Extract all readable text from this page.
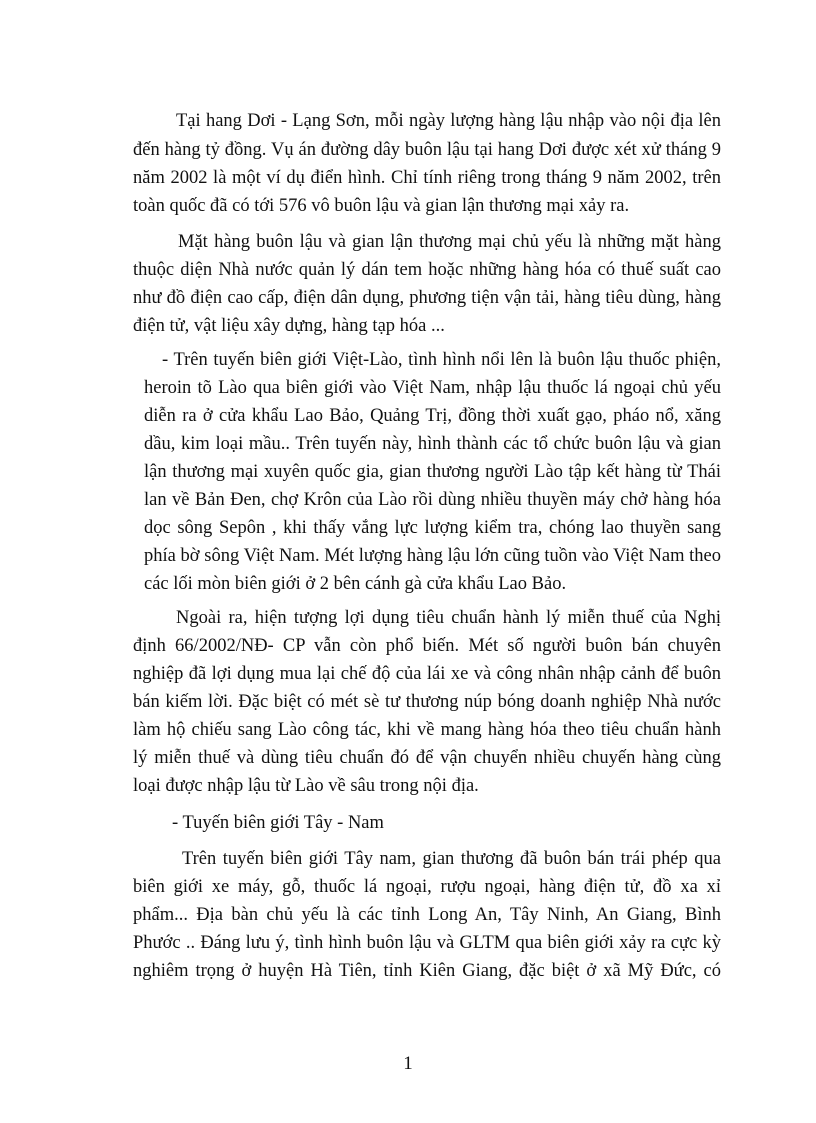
Tại hang Dơi - Lạng Sơn, mỗi ngày lượng hàng lậu nhập vào nội địa lên
đến hàng tỷ đồng. Vụ án đường dây buôn lậu tại hang Dơi được xét xử tháng 9
năm 2002 là một ví dụ điển hình. Chỉ tính riêng trong tháng 9 năm 2002, trên
toàn quốc đã có tới 576 vô buôn lậu và gian lận thương mại xảy ra.
Mặt hàng buôn lậu và gian lận thương mại chủ yếu là những mặt hàng
thuộc diện Nhà nước quản lý dán tem hoặc những hàng hóa có thuế suất cao
như đồ điện cao cấp, điện dân dụng, phương tiện vận tải, hàng tiêu dùng, hàng
điện tử, vật liệu xây dựng, hàng tạp hóa ...
- Trên tuyến biên giới Việt-Lào, tình hình nổi lên là buôn lậu thuốc phiện,
heroin tõ Lào qua biên giới vào Việt Nam, nhập lậu thuốc lá ngoại chủ yếu
diễn ra ở cửa khẩu Lao Bảo, Quảng Trị, đồng thời xuất gạo, pháo nổ, xăng
dầu, kim loại mầu.. Trên tuyến này, hình thành các tổ chức buôn lậu và gian
lận thương mại xuyên quốc gia, gian thương người Lào tập kết hàng từ Thái
lan về Bản Đen, chợ Krôn của Lào rồi dùng nhiều thuyền máy chở hàng hóa
dọc sông Sepôn , khi thấy vắng lực lượng kiểm tra, chóng lao thuyền sang
phía bờ sông Việt Nam. Mét lượng hàng lậu lớn cũng tuồn vào Việt Nam theo
các lối mòn biên giới ở 2 bên cánh gà cửa khẩu Lao Bảo.
Ngoài ra, hiện tượng lợi dụng tiêu chuẩn hành lý miễn thuế của Nghị
định 66/2002/NĐ- CP vẫn còn phổ biến. Mét số người buôn bán chuyên
nghiệp đã lợi dụng mua lại chế độ của lái xe và công nhân nhập cảnh để buôn
bán kiếm lời. Đặc biệt có mét sè tư thương núp bóng doanh nghiệp Nhà nước
làm hộ chiếu sang Lào công tác, khi về mang hàng hóa theo tiêu chuẩn hành
lý miễn thuế và dùng tiêu chuẩn đó để vận chuyển nhiều chuyến hàng cùng
loại được nhập lậu từ Lào về sâu trong nội địa.
- Tuyến biên giới Tây - Nam
Trên tuyến biên giới Tây nam, gian thương đã buôn bán trái phép qua
biên giới xe máy, gỗ, thuốc lá ngoại, rượu ngoại, hàng điện tử, đồ xa xỉ
phẩm... Địa bàn chủ yếu là các tỉnh Long An, Tây Ninh, An Giang, Bình
Phước .. Đáng lưu ý, tình hình buôn lậu và GLTM qua biên giới xảy ra cực kỳ
nghiêm trọng ở huyện Hà Tiên, tỉnh Kiên Giang, đặc biệt ở xã Mỹ Đức, có
1
